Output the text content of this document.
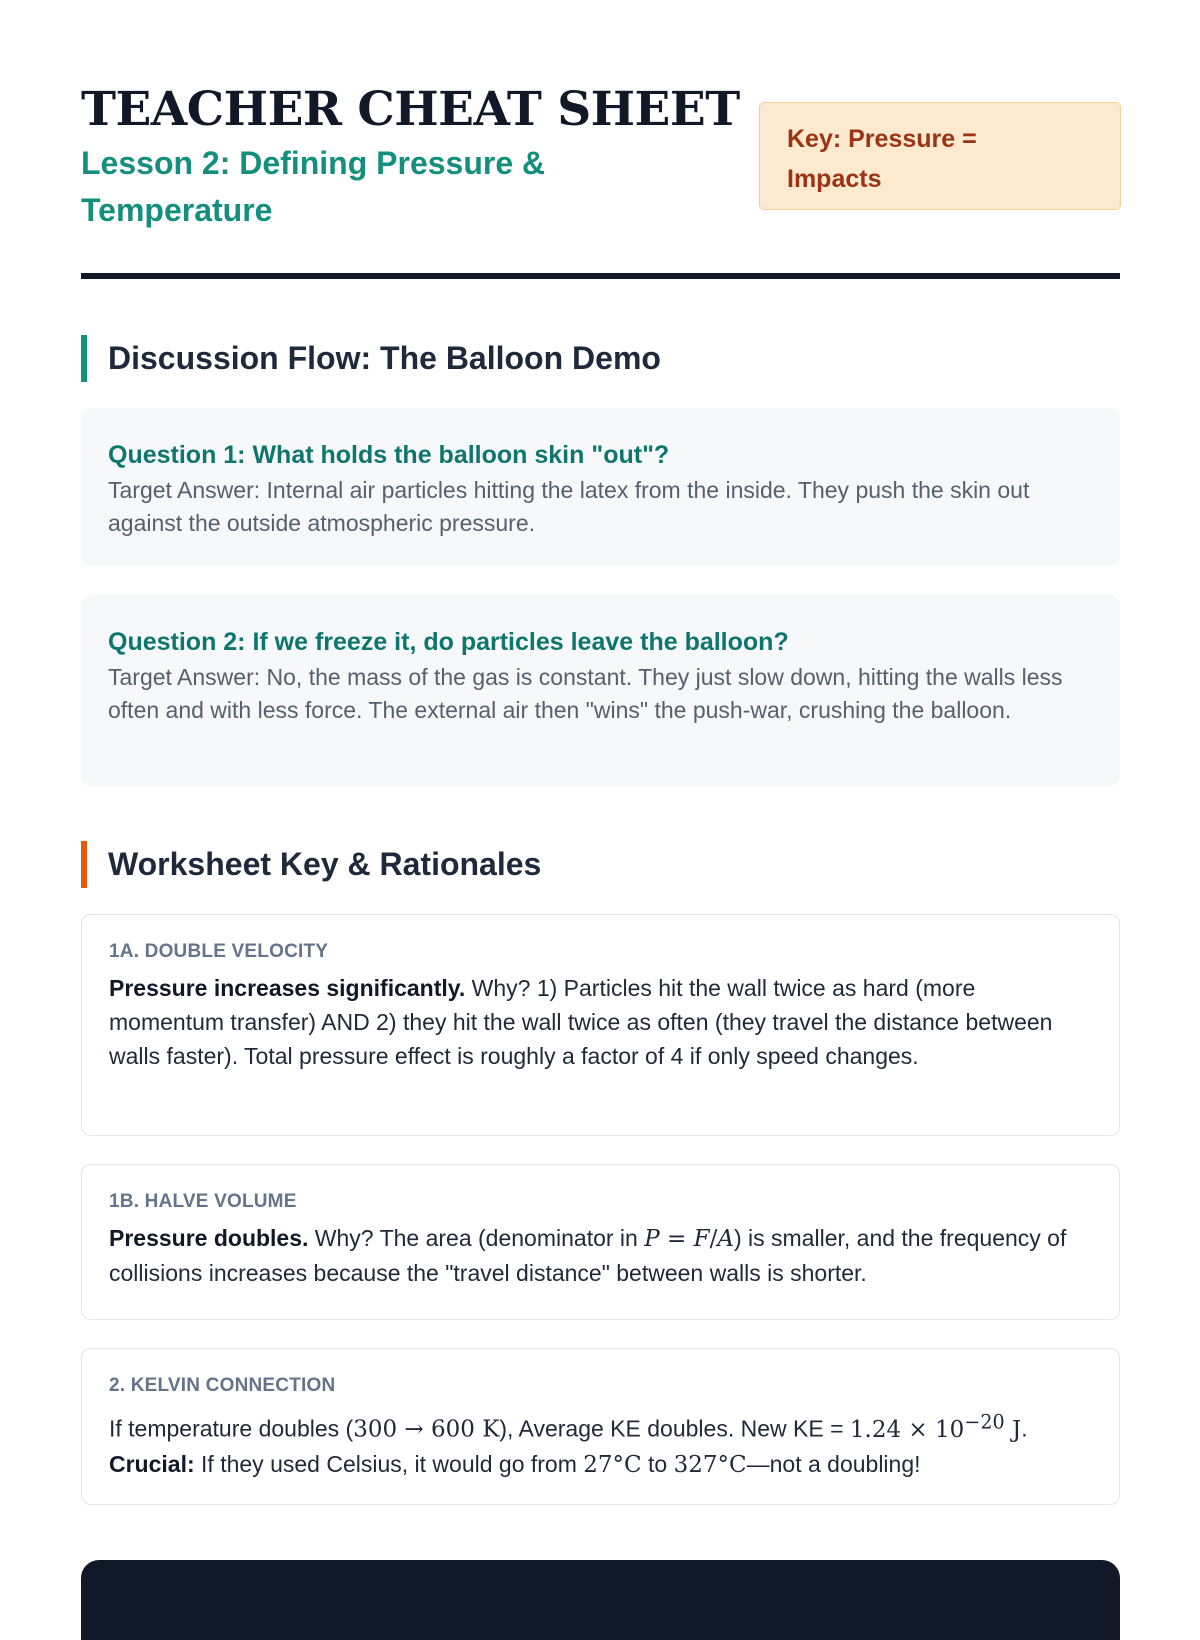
TEACHER CHEAT SHEET
Lesson 2: Defining Pressure & Temperature
Key: Pressure =
Impacts
Discussion Flow: The Balloon Demo
Question 1: What holds the balloon skin "out"?
Target Answer: Internal air particles hitting the latex from the inside. They push the skin out against the outside atmospheric pressure.
Question 2: If we freeze it, do particles leave the balloon?
Target Answer: No, the mass of the gas is constant. They just slow down, hitting the walls less often and with less force. The external air then "wins" the push-war, crushing the balloon.
Worksheet Key & Rationales
1A. DOUBLE VELOCITY
Pressure increases significantly. Why? 1) Particles hit the wall twice as hard (more momentum transfer) AND 2) they hit the wall twice as often (they travel the distance between walls faster). Total pressure effect is roughly a factor of 4 if only speed changes.
1B. HALVE VOLUME
Pressure doubles. Why? The area (denominator in P = F/A) is smaller, and the frequency of collisions increases because the "travel distance" between walls is shorter.
2. KELVIN CONNECTION
If temperature doubles (300 → 600 K), Average KE doubles. New KE = $1.24 \times 10^{-20}$ J.
Crucial: If they used Celsius, it would go from 27°C to 327°C—not a doubling!
